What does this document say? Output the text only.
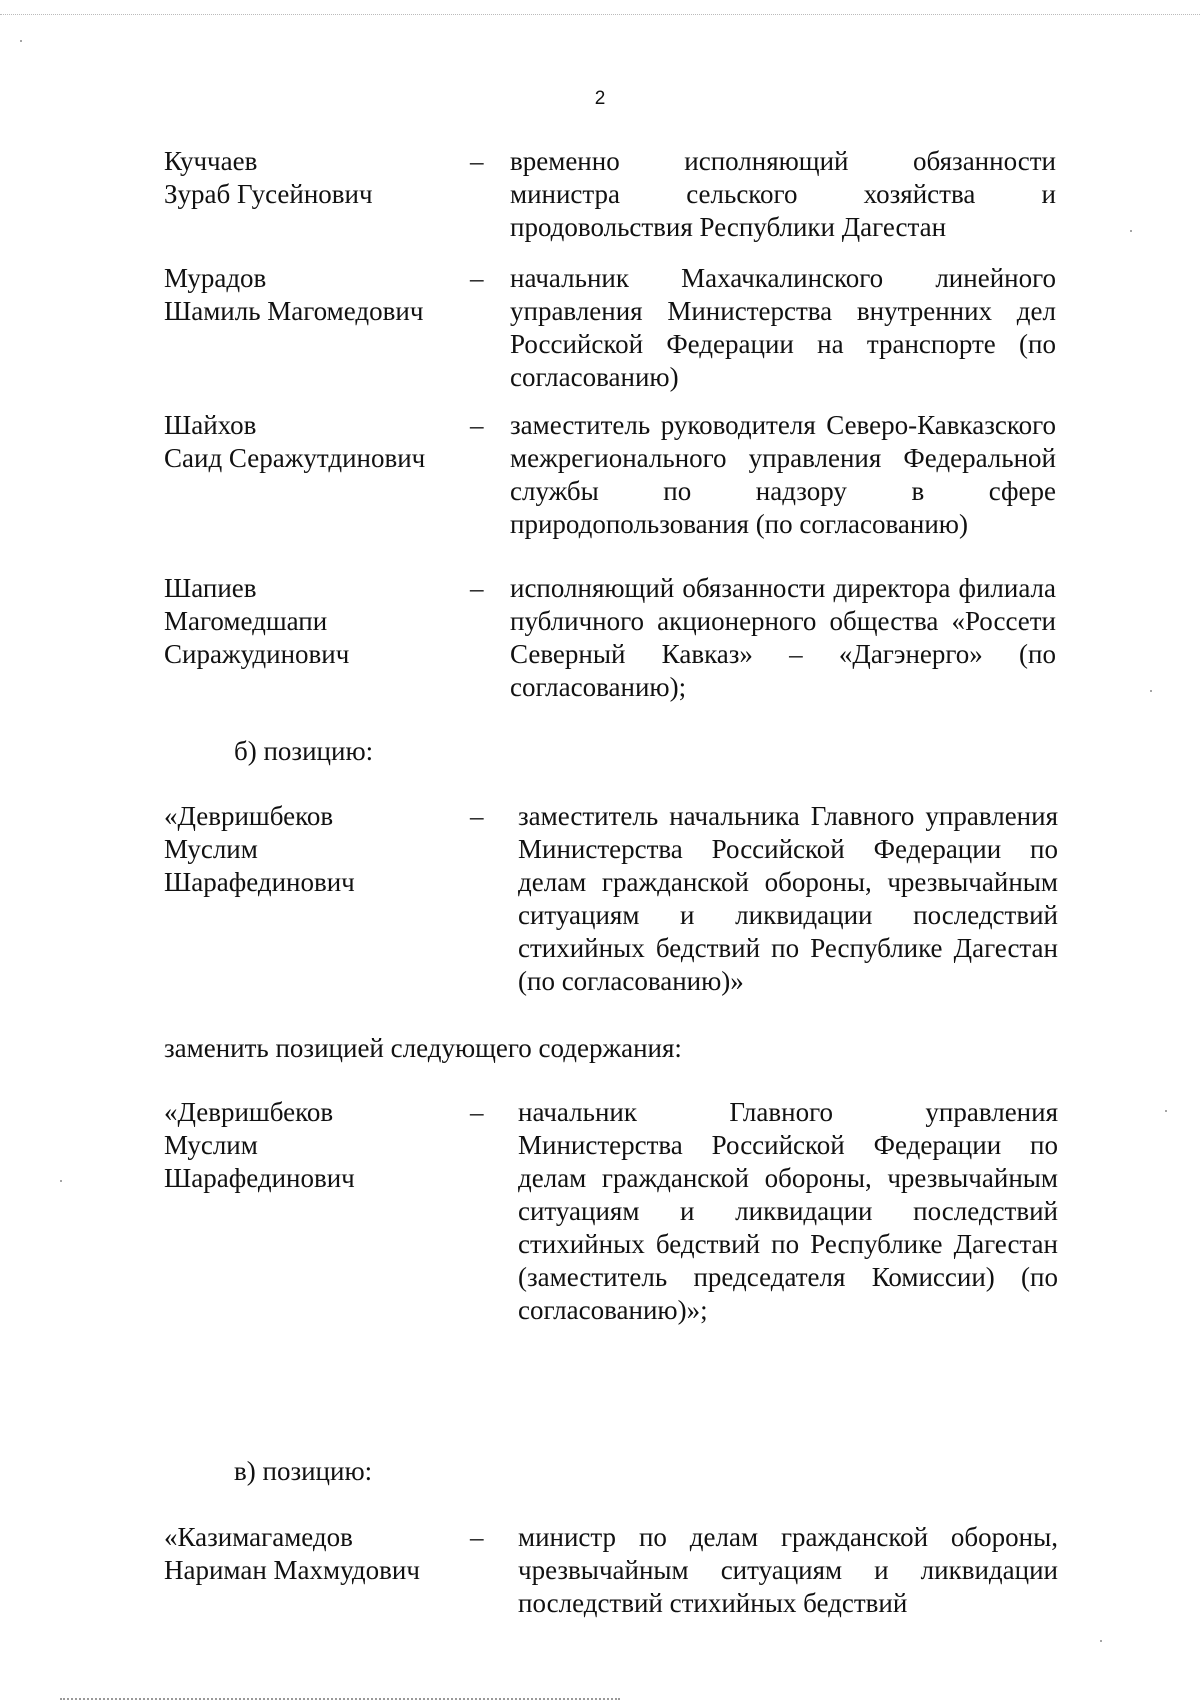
2
Куччаев
Зураб Гусейнович
– временно исполняющий обязанности министра сельского хозяйства и продовольствия Республики Дагестан
Мурадов
Шамиль Магомедович
– начальник Махачкалинского линейного управления Министерства внутренних дел Российской Федерации на транспорте (по согласованию)
Шайхов
Саид Серажутдинович
– заместитель руководителя Северо-Кавказского межрегионального управления Федеральной службы по надзору в сфере природопользования (по согласованию)
Шапиев
Магомедшапи
Сиражудинович
– исполняющий обязанности директора филиала публичного акционерного общества «Россети Северный Кавказ» – «Дагэнерго» (по согласованию);
б) позицию:
«Девришбеков
Муслим
Шарафединович
– заместитель начальника Главного управления Министерства Российской Федерации по делам гражданской обороны, чрезвычайным ситуациям и ликвидации последствий стихийных бедствий по Республике Дагестан (по согласованию)»
заменить позицией следующего содержания:
«Девришбеков
Муслим
Шарафединович
– начальник Главного управления Министерства Российской Федерации по делам гражданской обороны, чрезвычайным ситуациям и ликвидации последствий стихийных бедствий по Республике Дагестан (заместитель председателя Комиссии) (по согласованию)»;
в) позицию:
«Казимагамедов
Нариман Махмудович
– министр по делам гражданской обороны, чрезвычайным ситуациям и ликвидации последствий стихийных бедствий
